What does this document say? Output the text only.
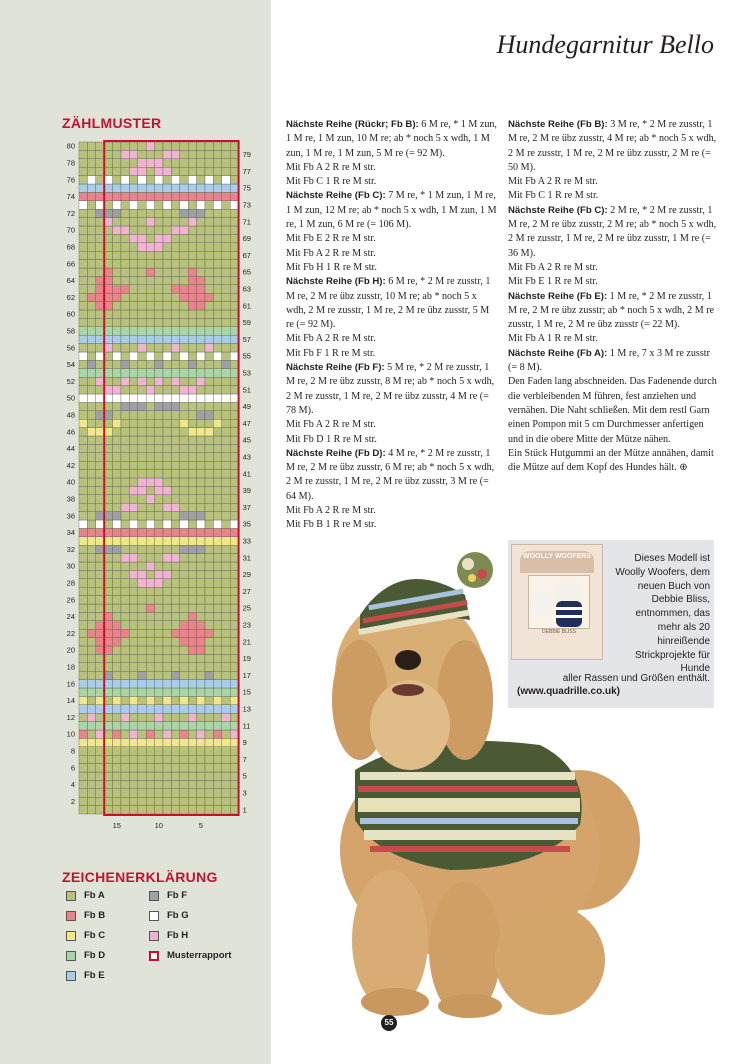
Hundegarnitur Bello
ZÄHLMUSTER
80
78
76
74
72
70
68
66
64
62
60
58
56
54
52
50
48
46
44
42
40
38
36
34
32
30
28
26
24
22
20
18
16
14
12
10
8
6
4
2
79
77
75
73
71
69
67
65
63
61
59
57
55
53
51
49
47
45
43
41
39
37
35
33
31
29
27
25
23
21
19
17
15
13
11
9
7
5
3
1
15	10	5
ZEICHENERKLÄRUNG
Fb A
Fb B
Fb C
Fb D
Fb E
Fb F
Fb G
Fb H
Musterrapport

Nächste Reihe (Rückr; Fb B): 6 M re, * 1 M zun, 1 M re, 1 M zun, 10 M re; ab * noch 5 x wdh, 1 M zun, 1 M re, 1 M zun, 5 M re (= 92 M).

Mit Fb A 2 R re M str.

Mit Fb C 1 R re M str.

Nächste Reihe (Fb C): 7 M re, * 1 M zun, 1 M re, 1 M zun, 12 M re; ab * noch 5 x wdh, 1 M zun, 1 M re, 1 M zun, 6 M re (= 106 M).

Mit Fb E 2 R re M str.

Mit Fb A 2 R re M str.

Mit Fb H 1 R re M str.

Nächste Reihe (Fb H): 6 M re, * 2 M re zusstr, 1 M re, 2 M re übz zusstr, 10 M re; ab * noch 5 x wdh, 2 M re zusstr, 1 M re, 2 M re übz zusstr, 5 M re (= 92 M).

Mit Fb A 2 R re M str.

Mit Fb F 1 R re M str.

Nächste Reihe (Fb F): 5 M re, * 2 M re zusstr, 1 M re, 2 M re übz zusstr, 8 M re; ab * noch 5 x wdh, 2 M re zusstr, 1 M re, 2 M re übz zusstr, 4 M re (= 78 M).

Mit Fb A 2 R re M str.

Mit Fb D 1 R re M str.

Nächste Reihe (Fb D): 4 M re, * 2 M re zusstr, 1 M re, 2 M re übz zusstr, 6 M re; ab * noch 5 x wdh, 2 M re zusstr, 1 M re, 2 M re übz zusstr, 3 M re (= 64 M).

Mit Fb A 2 R re M str.

Mit Fb B 1 R re M str.

Nächste Reihe (Fb B): 3 M re, * 2 M re zusstr, 1 M re, 2 M re übz zusstr, 4 M re; ab * noch 5 x wdh, 2 M re zusstr, 1 M re, 2 M re übz zusstr, 2 M re (= 50 M).

Mit Fb A 2 R re M str.

Mit Fb C 1 R re M str.

Nächste Reihe (Fb C): 2 M re, * 2 M re zusstr, 1 M re, 2 M re übz zusstr, 2 M re; ab * noch 5 x wdh, 2 M re zusstr, 1 M re, 2 M re übz zusstr, 1 M re (= 36 M).

Mit Fb A 2 R re M str.

Mit Fb E 1 R re M str.

Nächste Reihe (Fb E): 1 M re, * 2 M re zusstr, 1 M re, 2 M re übz zusstr; ab * noch 5 x wdh, 2 M re zusstr, 1 M re, 2 M re übz zusstr (= 22 M).

Mit Fb A 1 R re M str.

Nächste Reihe (Fb A): 1 M re, 7 x 3 M re zusstr (= 8 M).

Den Faden lang abschneiden. Das Fadenende durch die verbleibenden M führen, fest anziehen und vernähen. Die Naht schließen. Mit dem restl Garn einen Pompon mit 5 cm Durchmesser anfertigen und in die obere Mitte der Mütze nähen.

Ein Stück Hutgummi an der Mütze annähen, damit die Mütze auf dem Kopf des Hundes hält. ⊕

WOOLLY WOOFERS
DEBBIE BLISS
Dieses Modell ist Woolly Woofers, dem neuen Buch von Debbie Bliss, entnommen, das mehr als 20 hinreißende Strickprojekte für Hunde
aller Rassen und Größen enthält.
(www.quadrille.co.uk)
55
